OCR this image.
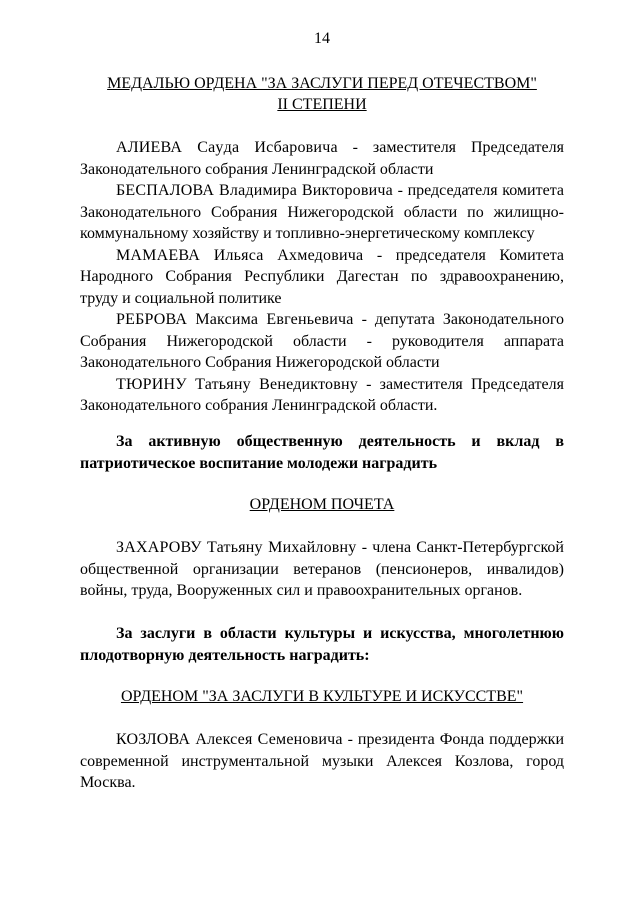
14

МЕДАЛЬЮ ОРДЕНА "ЗА ЗАСЛУГИ ПЕРЕД ОТЕЧЕСТВОМ"

II СТЕПЕНИ

АЛИЕВА Сayда Исбаровича - заместителя Председателя Законодательного собрания Ленинградской области

БЕСПАЛОВА Владимира Викторовича - председателя комитета Законодательного Собрания Нижегородской области по жилищно-коммунальному хозяйству и топливно-энергетическому комплексу

МАМАЕВА Ильяса Ахмедовича - председателя Комитета Народного Собрания Республики Дагестан по здравоохранению, труду и социальной политике

РЕБРОВА Максима Евгеньевича - депутата Законодательного Собрания Нижегородской области - руководителя аппарата Законодательного Собрания Нижегородской области

ТЮРИНУ Татьяну Венедиктовну - заместителя Председателя Законодательного собрания Ленинградской области.

За активную общественную деятельность и вклад в патриотическое воспитание молодежи наградить

ОРДЕНОМ ПОЧЕТА

ЗАХАРОВУ Татьяну Михайловну - члена Санкт-Петербургской общественной организации ветеранов (пенсионеров, инвалидов) войны, труда, Вооруженных сил и правоохранительных органов.

За заслуги в области культуры и искусства, многолетнюю плодотворную деятельность наградить:

ОРДЕНОМ "ЗА ЗАСЛУГИ В КУЛЬТУРЕ И ИСКУССТВЕ"

КОЗЛОВА Алексея Семеновича - президента Фонда поддержки современной инструментальной музыки Алексея Козлова, город Москва.
